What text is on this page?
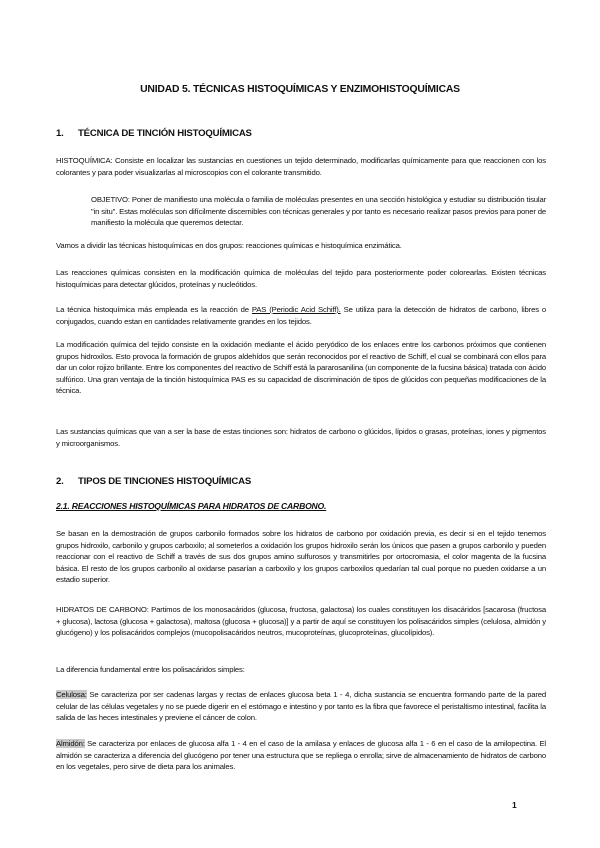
UNIDAD 5. TÉCNICAS HISTOQUÍMICAS Y ENZIMOHISTOQUÍMICAS
1. TÉCNICA DE TINCIÓN HISTOQUÍMICAS
HISTOQUÍMICA: Consiste en localizar las sustancias en cuestiones un tejido determinado, modificarlas químicamente para que reaccionen con los colorantes y para poder visualizarlas al microscopios con el colorante transmitido.
OBJETIVO: Poner de manifiesto una molécula o familia de moléculas presentes en una sección histológica y estudiar su distribución tisular "in situ". Estas moléculas son difícilmente discernibles con técnicas generales y por tanto es necesario realizar pasos previos para poner de manifiesto la molécula que queremos detectar.
Vamos a dividir las técnicas histoquímicas en dos grupos: reacciones químicas e histoquímica enzimática.
Las reacciones químicas consisten en la modificación química de moléculas del tejido para posteriormente poder colorearlas. Existen técnicas histoquímicas para detectar glúcidos, proteínas y nucleótidos.
La técnica histoquímica más empleada es la reacción de PAS (Periodic Acid Schiff). Se utiliza para la detección de hidratos de carbono, libres o conjugados, cuando estan en cantidades relativamente grandes en los tejidos.
La modificación química del tejido consiste en la oxidación mediante el ácido peryódico de los enlaces entre los carbonos próximos que contienen grupos hidroxilos. Esto provoca la formación de grupos aldehídos que serán reconocidos por el reactivo de Schiff, el cual se combinará con ellos para dar un color rojizo brillante. Entre los componentes del reactivo de Schiff está la pararosanilina (un componente de la fucsina básica) tratada con ácido sulfúrico. Una gran ventaja de la tinción histoquímica PAS es su capacidad de discriminación de tipos de glúcidos con pequeñas modificaciones de la técnica.
Las sustancias químicas que van a ser la base de estas tinciones son: hidratos de carbono o glúcidos, lípidos o grasas, proteínas, iones y pigmentos y microorganismos.
2. TIPOS DE TINCIONES HISTOQUÍMICAS
2.1. REACCIONES HISTOQUÍMICAS PARA HIDRATOS DE CARBONO.
Se basan en la demostración de grupos carbonilo formados sobre los hidratos de carbono por oxidación previa, es decir si en el tejido tenemos grupos hidroxilo, carbonilo y grupos carboxilo; al someterlos a oxidación los grupos hidroxilo serán los únicos que pasen a grupos carbonilo y pueden reaccionar con el reactivo de Schiff a través de sus dos grupos amino sulfurosos y transmitirles por ortocromasia, el color magenta de la fucsina básica. El resto de los grupos carbonilo al oxidarse pasarían a carboxilo y los grupos carboxilos quedarían tal cual porque no pueden oxidarse a un estadio superior.
HIDRATOS DE CARBONO: Partimos de los monosacáridos (glucosa, fructosa, galactosa) los cuales constituyen los disacáridos [sacarosa (fructosa + glucosa), lactosa (glucosa + galactosa), maltosa (glucosa + glucosa)] y a partir de aquí se constituyen los polisacáridos simples (celulosa, almidón y glucógeno) y los polisacáridos complejos (mucopolisacáridos neutros, mucoproteínas, glucoproteínas, glucolípidos).
La diferencia fundamental entre los polisacáridos simples:
Celulosa: Se caracteriza por ser cadenas largas y rectas de enlaces glucosa beta 1 - 4, dicha sustancia se encuentra formando parte de la pared celular de las células vegetales y no se puede digerir en el estómago e intestino y por tanto es la fibra que favorece el peristaltismo intestinal, facilita la salida de las heces intestinales y previene el cáncer de colon.
Almidón: Se caracteriza por enlaces de glucosa alfa 1 - 4 en el caso de la amilasa y enlaces de glucosa alfa 1 - 6 en el caso de la amilopectina. El almidón se caracteriza a diferencia del glucógeno por tener una estructura que se repliega o enrolla; sirve de almacenamiento de hidratos de carbono en los vegetales, pero sirve de dieta para los animales.
1
